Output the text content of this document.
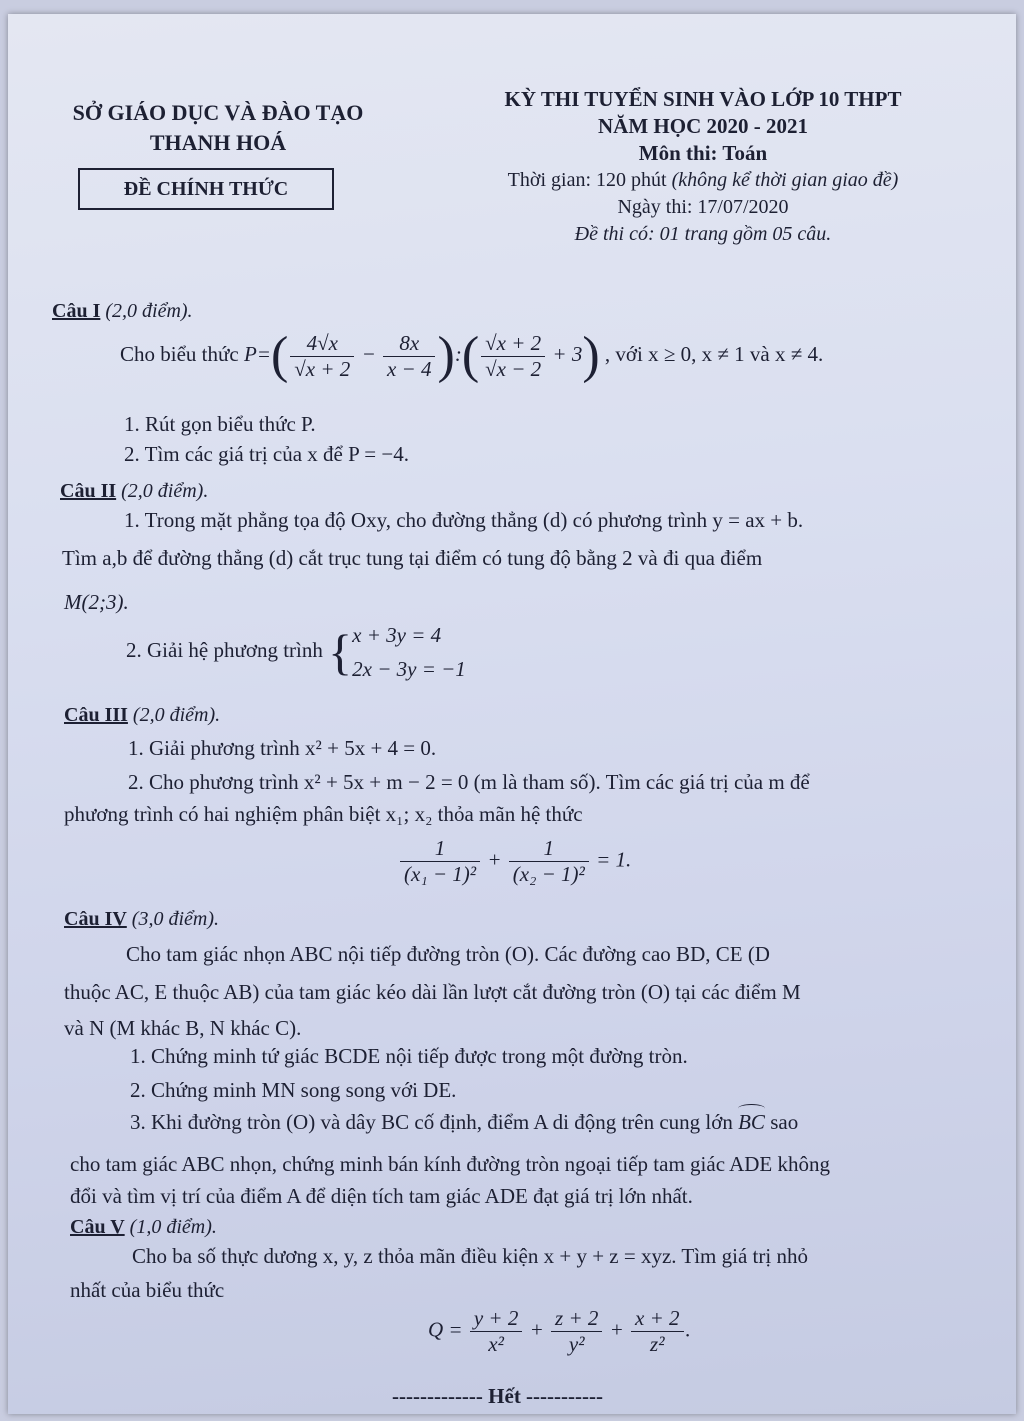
SỞ GIÁO DỤC VÀ ĐÀO TẠO
THANH HOÁ
ĐỀ CHÍNH THỨC
KỲ THI TUYỂN SINH VÀO LỚP 10 THPT
NĂM HỌC 2020 - 2021
Môn thi: Toán
Thời gian: 120 phút (không kể thời gian giao đề)
Ngày thi: 17/07/2020
Đề thi có: 01 trang gồm 05 câu.
Câu I (2,0 điểm).
Cho biểu thức $P=( \frac{4√x}{√x + 2} - \frac{8x}{x - 4}$ ):( $\frac{√x + 2}{√x - 2} + 3$) , với x ≥ 0, x ≠ 1 và x ≠ 4.
1. Rút gọn biểu thức P.
2. Tìm các giá trị của x để P = −4.
Câu II (2,0 điểm).
1. Trong mặt phẳng tọa độ Oxy, cho đường thẳng (d) có phương trình y = ax + b.
Tìm a,b để đường thẳng (d) cắt trục tung tại điểm có tung độ bằng 2 và đi qua điểm
M(2;3).
2. Giải hệ phương trình {x + 3y = 4
2x − 3y = −1
Câu III (2,0 điểm).
1. Giải phương trình x² + 5x + 4 = 0.
2. Cho phương trình x² + 5x + m − 2 = 0 (m là tham số). Tìm các giá trị của m để
phương trình có hai nghiệm phân biệt x₁; x₂ thỏa mãn hệ thức
$\frac{1}{\text{(x₁ − 1)²}} + \frac{1}{\text{(x₂ − 1)²}} = 1$.
Câu IV (3,0 điểm).
Cho tam giác nhọn ABC nội tiếp đường tròn (O). Các đường cao BD, CE (D
thuộc AC, E thuộc AB) của tam giác kéo dài lần lượt cắt đường tròn (O) tại các điểm M
và N (M khác B, N khác C).
1. Chứng minh tứ giác BCDE nội tiếp được trong một đường tròn.
2. Chứng minh MN song song với DE.
3. Khi đường tròn (O) và dây BC cố định, điểm A di động trên cung lớn BC sao
cho tam giác ABC nhọn, chứng minh bán kính đường tròn ngoại tiếp tam giác ADE không
đổi và tìm vị trí của điểm A để diện tích tam giác ADE đạt giá trị lớn nhất.
Câu V (1,0 điểm).
Cho ba số thực dương x, y, z thỏa mãn điều kiện x + y + z = xyz. Tìm giá trị nhỏ
nhất của biểu thức
$Q = \frac{y + 2}{\text{x²}} + \frac{z + 2}{\text{y²}} + \frac{x + 2}{\text{z²}}$ .
------------- Hết -----------
